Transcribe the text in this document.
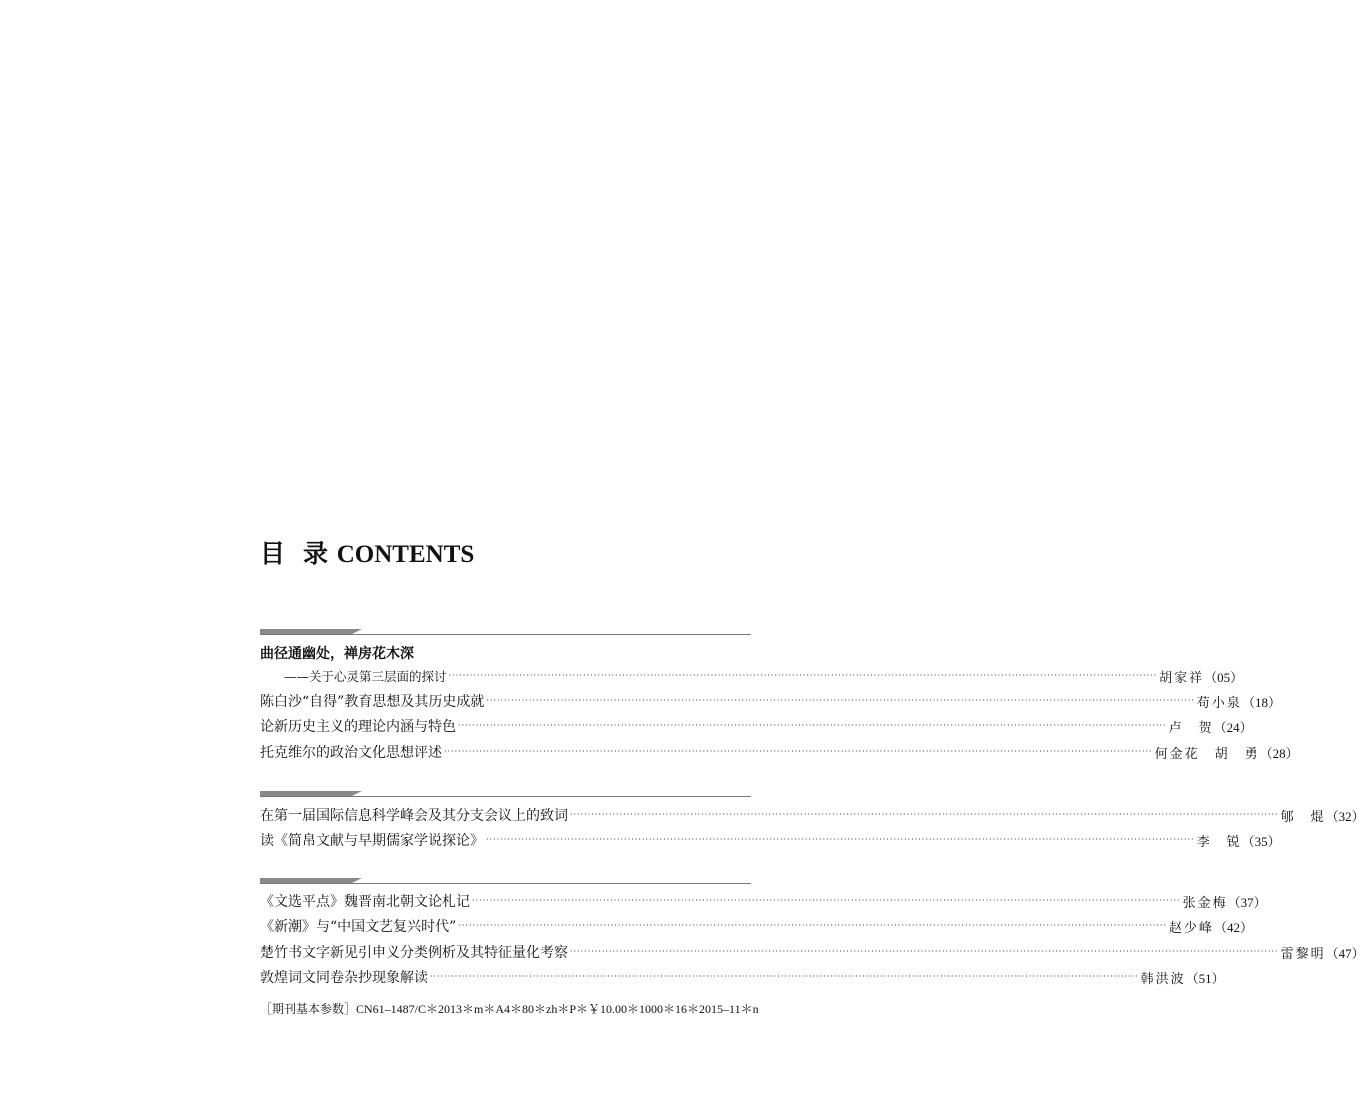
目 录 CONTENTS
曲径通幽处，禅房花木深
——关于心灵第三层面的探讨 ········································································································································································································ 胡家祥 （05）
陈白沙“自得”教育思想及其历史成就 ········································································································································································································ 苟小泉 （18）
论新历史主义的理论内涵与特色 ········································································································································································································ 卢　贺 （24）
托克维尔的政治文化思想评述 ········································································································································································································ 何金花　胡　勇 （28）
在第一届国际信息科学峰会及其分支会议上的致词 ········································································································································································································ 郇　焜 （32）
读《简帛文献与早期儒家学说探论》 ········································································································································································································ 李　锐 （35）
《文选平点》魏晋南北朝文论札记 ········································································································································································································ 张金梅 （37）
《新潮》与“中国文艺复兴时代” ········································································································································································································ 赵少峰 （42）
楚竹书文字新见引申义分类例析及其特征量化考察 ········································································································································································································ 雷黎明 （47）
敦煌词文同卷杂抄现象解读 ········································································································································································································ 韩洪波 （51）
［期刊基本参数］CN61–1487/C＊2013＊m＊A4＊80＊zh＊P＊￥10.00＊1000＊16＊2015–11＊n
